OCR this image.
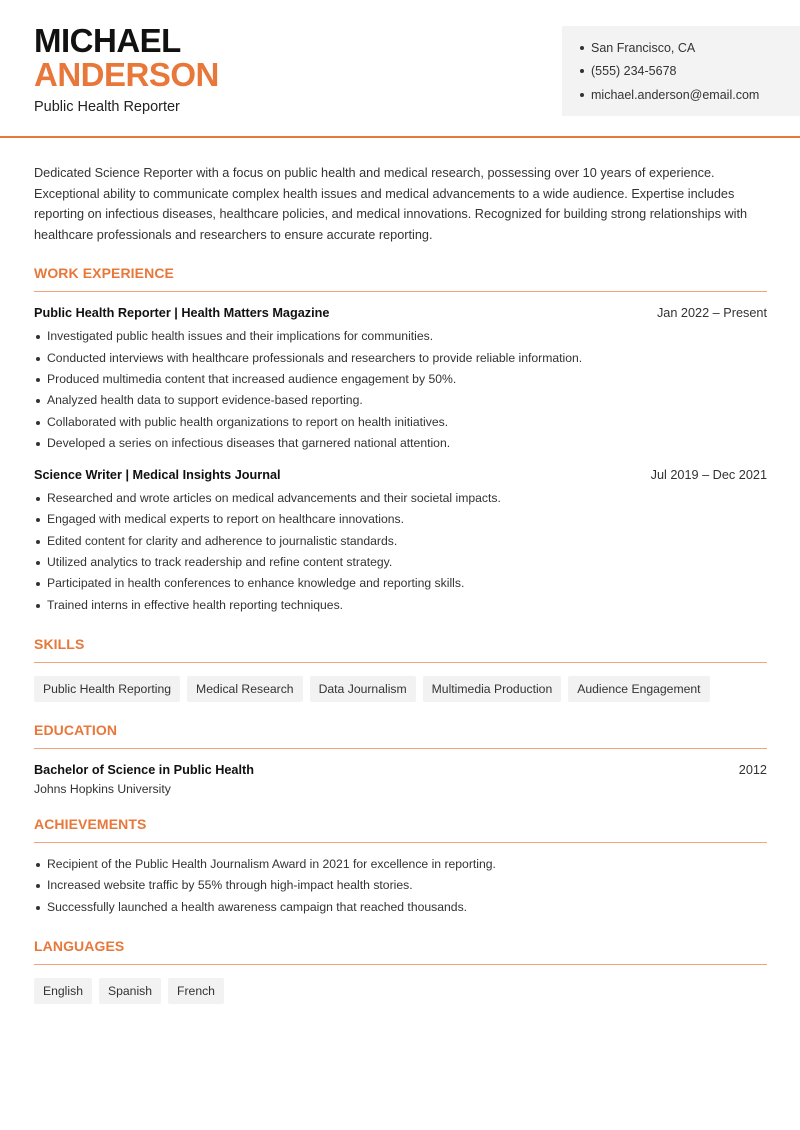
MICHAEL
ANDERSON
Public Health Reporter
San Francisco, CA
(555) 234-5678
michael.anderson@email.com

Dedicated Science Reporter with a focus on public health and medical research, possessing over 10 years of experience. Exceptional ability to communicate complex health issues and medical advancements to a wide audience. Expertise includes reporting on infectious diseases, healthcare policies, and medical innovations. Recognized for building strong relationships with healthcare professionals and researchers to ensure accurate reporting.

WORK EXPERIENCE
Public Health Reporter | Health Matters Magazine	Jan 2022 – Present
Investigated public health issues and their implications for communities.
Conducted interviews with healthcare professionals and researchers to provide reliable information.
Produced multimedia content that increased audience engagement by 50%.
Analyzed health data to support evidence-based reporting.
Collaborated with public health organizations to report on health initiatives.
Developed a series on infectious diseases that garnered national attention.
Science Writer | Medical Insights Journal	Jul 2019 – Dec 2021
Researched and wrote articles on medical advancements and their societal impacts.
Engaged with medical experts to report on healthcare innovations.
Edited content for clarity and adherence to journalistic standards.
Utilized analytics to track readership and refine content strategy.
Participated in health conferences to enhance knowledge and reporting skills.
Trained interns in effective health reporting techniques.
SKILLS
Public Health Reporting	Medical Research	Data Journalism	Multimedia Production	Audience Engagement
EDUCATION
Bachelor of Science in Public Health	2012
Johns Hopkins University
ACHIEVEMENTS
Recipient of the Public Health Journalism Award in 2021 for excellence in reporting.
Increased website traffic by 55% through high-impact health stories.
Successfully launched a health awareness campaign that reached thousands.
LANGUAGES
English	Spanish	French
